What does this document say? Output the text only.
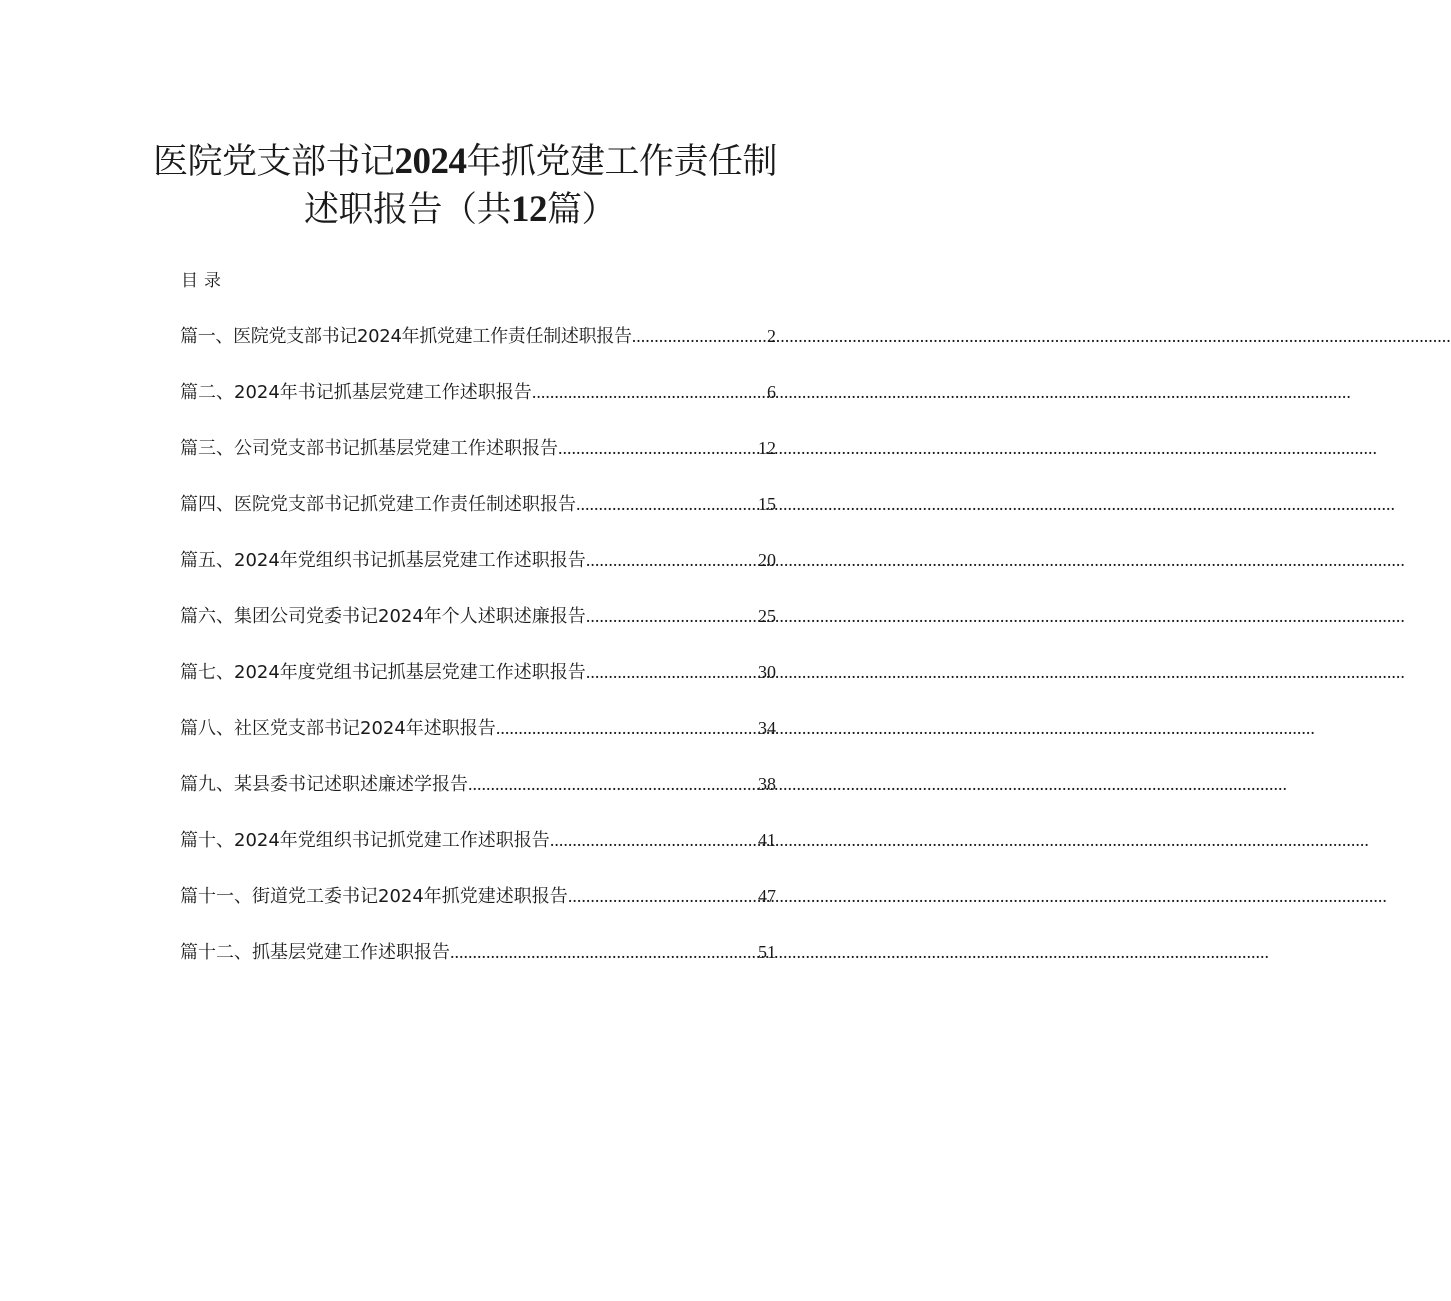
医院党支部书记2024年抓党建工作责任制
述职报告（共12篇）
目录
篇一、医院党支部书记2024年抓党建工作责任制述职报告 .....	2
篇二、2024年书记抓基层党建工作述职报告 .....	6
篇三、公司党支部书记抓基层党建工作述职报告 .....	12
篇四、医院党支部书记抓党建工作责任制述职报告 .....	15
篇五、2024年党组织书记抓基层党建工作述职报告 .....	20
篇六、集团公司党委书记2024年个人述职述廉报告 .....	25
篇七、2024年度党组书记抓基层党建工作述职报告 .....	30
篇八、社区党支部书记2024年述职报告 .....	34
篇九、某县委书记述职述廉述学报告 .....	38
篇十、2024年党组织书记抓党建工作述职报告 .....	41
篇十一、街道党工委书记2024年抓党建述职报告 .....	47
篇十二、抓基层党建工作述职报告 .....	51
